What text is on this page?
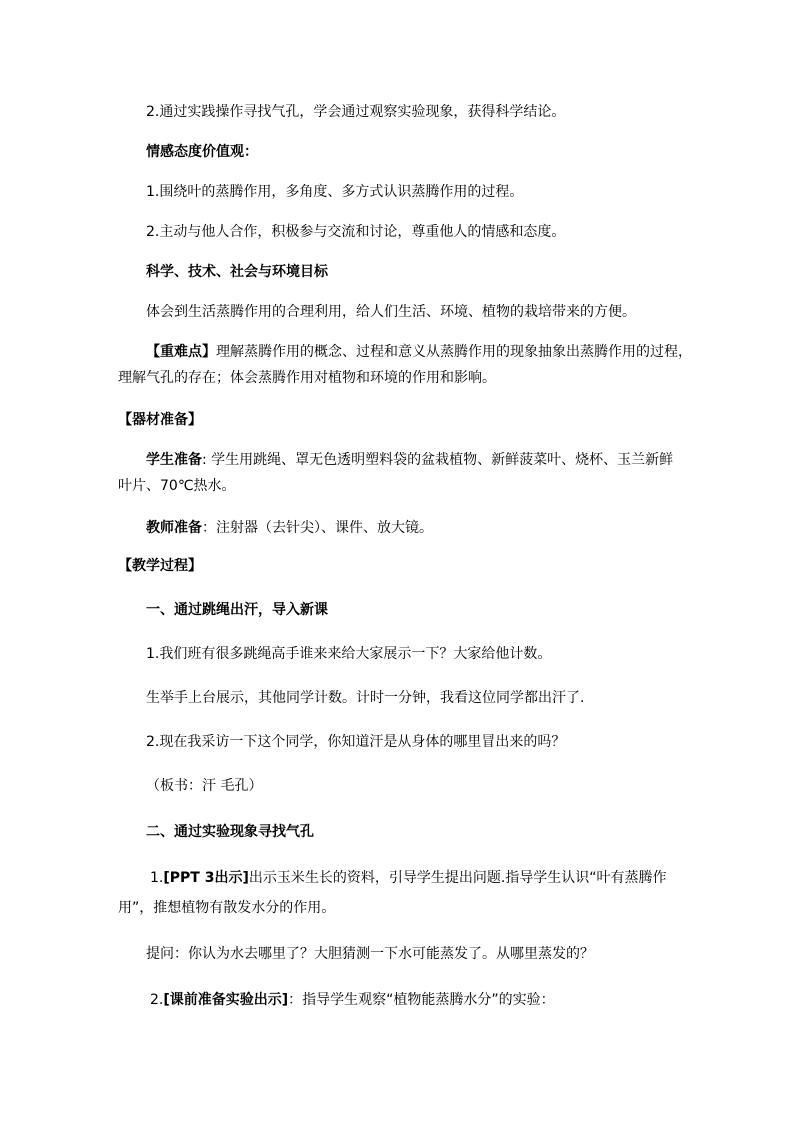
2.通过实践操作寻找气孔，学会通过观察实验现象，获得科学结论。

情感态度价值观：

1.围绕叶的蒸腾作用，多角度、多方式认识蒸腾作用的过程。

2.主动与他人合作，积极参与交流和讨论，尊重他人的情感和态度。

科学、技术、社会与环境目标

体会到生活蒸腾作用的合理利用，给人们生活、环境、植物的栽培带来的方便。

【重难点】理解蒸腾作用的概念、过程和意义从蒸腾作用的现象抽象出蒸腾作用的过程，

理解气孔的存在；体会蒸腾作用对植物和环境的作用和影响。

【器材准备】

学生准备: 学生用跳绳、罩无色透明塑料袋的盆栽植物、新鲜菠菜叶、烧杯、玉兰新鲜

叶片、70℃热水。

教师准备：注射器（去针尖）、课件、放大镜。

【教学过程】

一、通过跳绳出汗，导入新课

1.我们班有很多跳绳高手谁来来给大家展示一下？大家给他计数。

生举手上台展示，其他同学计数。计时一分钟，我看这位同学都出汗了.

2.现在我采访一下这个同学，你知道汗是从身体的哪里冒出来的吗？

（板书：汗 毛孔）

二、通过实验现象寻找气孔

1.[PPT 3出示]出示玉米生长的资料，引导学生提出问题.指导学生认识“叶有蒸腾作

用”，推想植物有散发水分的作用。

提问：你认为水去哪里了？大胆猜测一下水可能蒸发了。从哪里蒸发的？

2.[课前准备实验出示]：指导学生观察“植物能蒸腾水分”的实验：
